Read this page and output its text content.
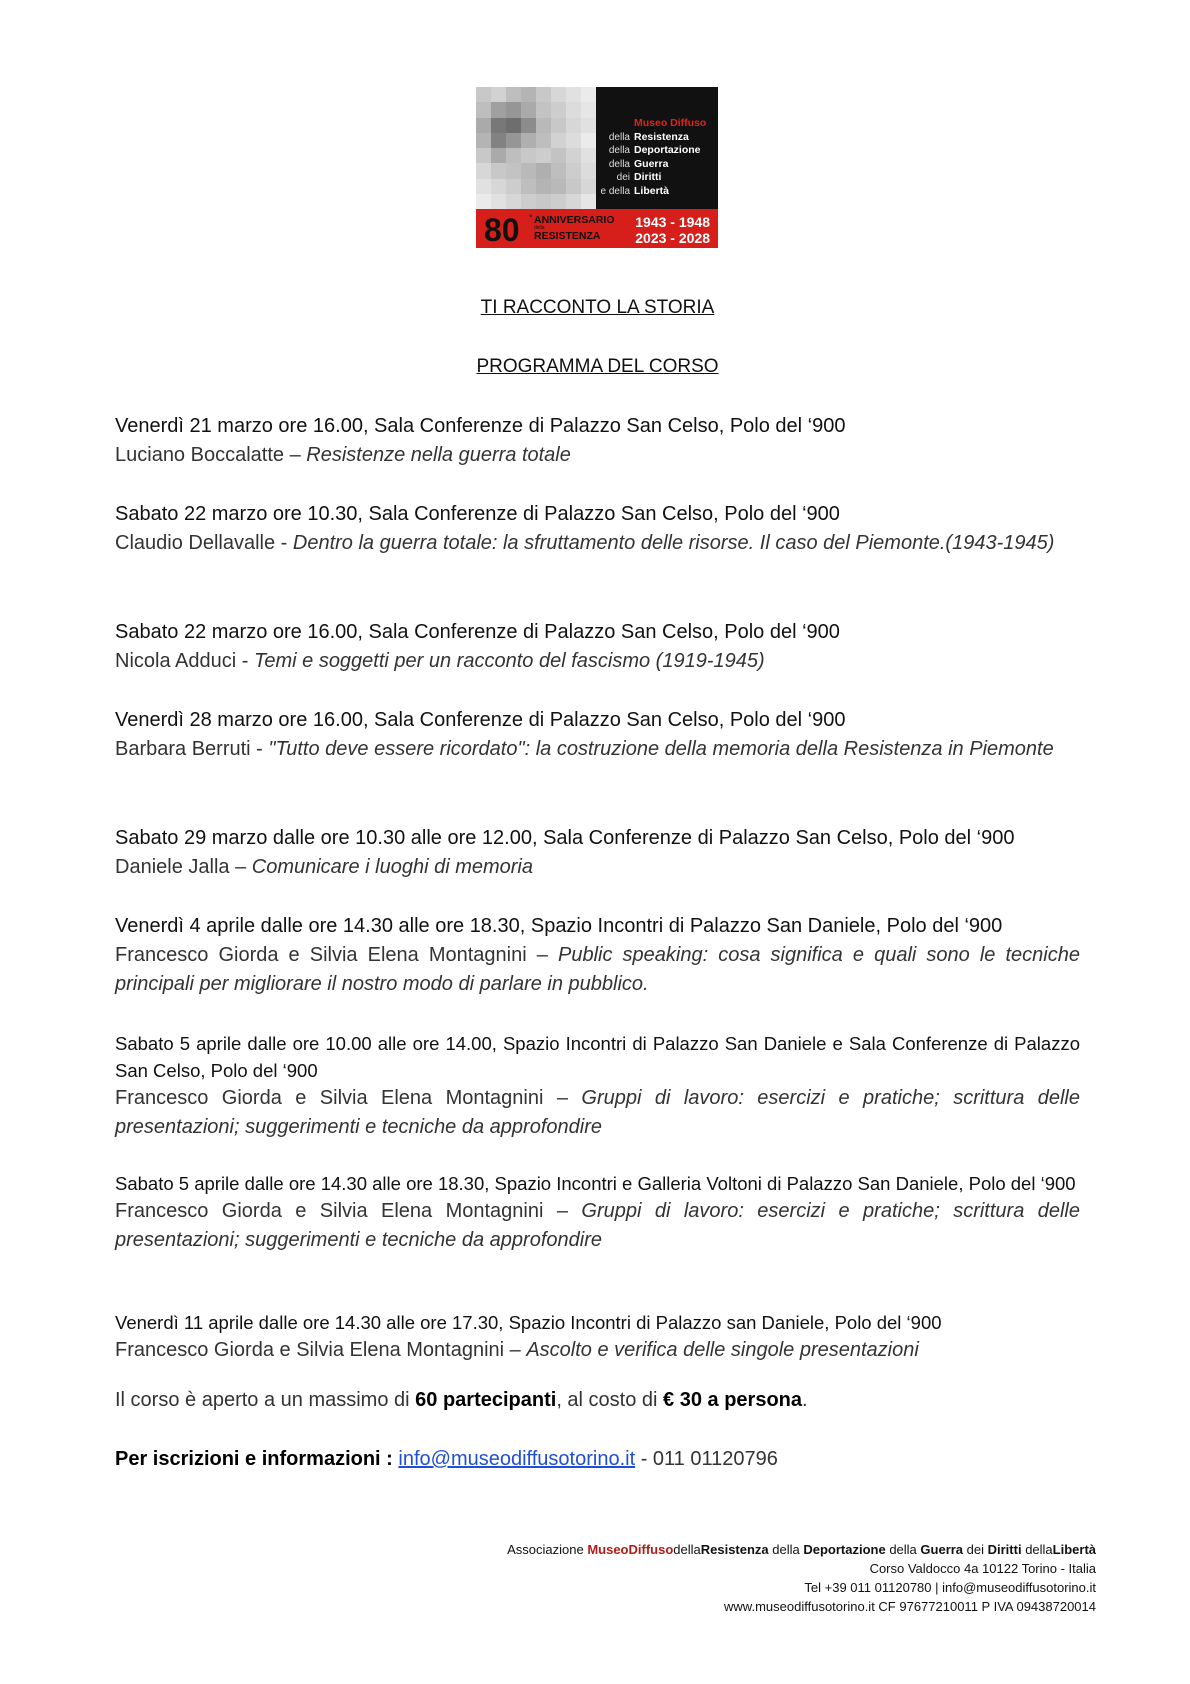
Museo Diffuso
della Resistenza
della Deportazione
della Guerra
dei Diritti
e della Libertà
80 ° ANNIVERSARIO
della
RESISTENZA
1943 - 1948
2023 - 2028
TI RACCONTO LA STORIA
PROGRAMMA DEL CORSO
Venerdì 21 marzo ore 16.00, Sala Conferenze di Palazzo San Celso, Polo del ‘900
Luciano Boccalatte – Resistenze nella guerra totale
Sabato 22 marzo ore 10.30, Sala Conferenze di Palazzo San Celso, Polo del ‘900
Claudio Dellavalle - Dentro la guerra totale: la sfruttamento delle risorse. Il caso del Piemonte.(1943-1945)
Sabato 22 marzo ore 16.00, Sala Conferenze di Palazzo San Celso, Polo del ‘900
Nicola Adduci - Temi e soggetti per un racconto del fascismo (1919-1945)
Venerdì 28 marzo ore 16.00, Sala Conferenze di Palazzo San Celso, Polo del ‘900
Barbara Berruti - "Tutto deve essere ricordato": la costruzione della memoria della Resistenza in Piemonte
Sabato 29 marzo dalle ore 10.30 alle ore 12.00, Sala Conferenze di Palazzo San Celso, Polo del ‘900
Daniele Jalla – Comunicare i luoghi di memoria
Venerdì 4 aprile dalle ore 14.30 alle ore 18.30, Spazio Incontri di Palazzo San Daniele, Polo del ‘900
Francesco Giorda e Silvia Elena Montagnini – Public speaking: cosa significa e quali sono le tecniche principali per migliorare il nostro modo di parlare in pubblico.
Sabato 5 aprile dalle ore 10.00 alle ore 14.00, Spazio Incontri di Palazzo San Daniele e Sala Conferenze di Palazzo San Celso, Polo del ‘900
Francesco Giorda e Silvia Elena Montagnini – Gruppi di lavoro: esercizi e pratiche; scrittura delle presentazioni; suggerimenti e tecniche da approfondire
Sabato 5 aprile dalle ore 14.30 alle ore 18.30, Spazio Incontri e Galleria Voltoni di Palazzo San Daniele, Polo del ‘900
Francesco Giorda e Silvia Elena Montagnini – Gruppi di lavoro: esercizi e pratiche; scrittura delle presentazioni; suggerimenti e tecniche da approfondire
Venerdì 11 aprile dalle ore 14.30 alle ore 17.30, Spazio Incontri di Palazzo san Daniele, Polo del ‘900
Francesco Giorda e Silvia Elena Montagnini – Ascolto e verifica delle singole presentazioni
Il corso è aperto a un massimo di 60 partecipanti, al costo di € 30 a persona.
Per iscrizioni e informazioni : info@museodiffusotorino.it - 011 01120796
Associazione MuseoDiffusodellaResistenza della Deportazione della Guerra dei Diritti dellaLibertà
Corso Valdocco 4a 10122 Torino - Italia
Tel +39 011 01120780 | info@museodiffusotorino.it
www.museodiffusotorino.it CF 97677210011 P IVA 09438720014
